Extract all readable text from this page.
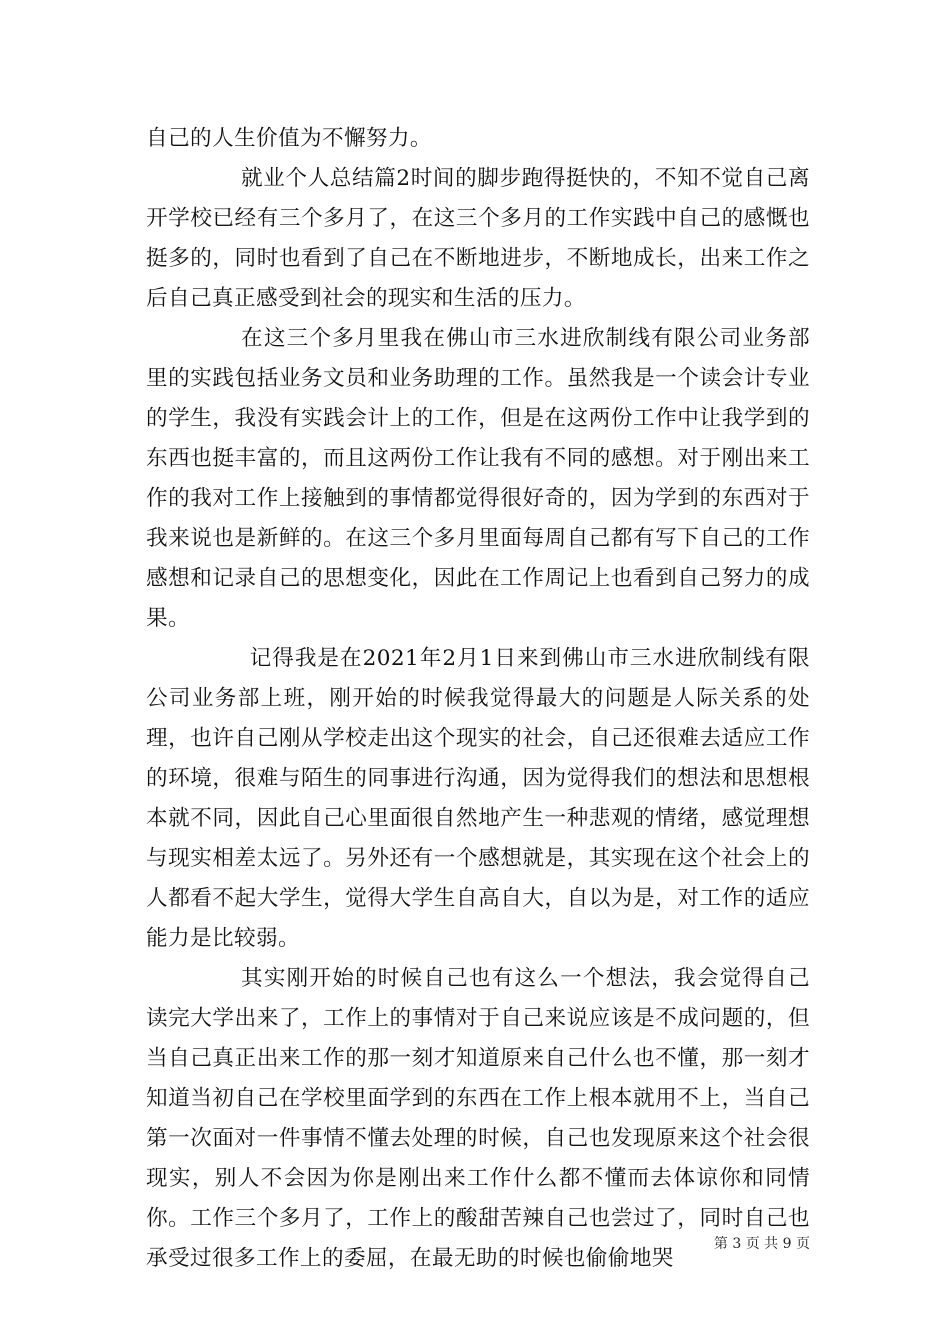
自己的人生价值为不懈努力。

就业个人总结篇2时间的脚步跑得挺快的，不知不觉自己离开学校已经有三个多月了，在这三个多月的工作实践中自己的感慨也挺多的，同时也看到了自己在不断地进步，不断地成长，出来工作之后自己真正感受到社会的现实和生活的压力。

在这三个多月里我在佛山市三水进欣制线有限公司业务部里的实践包括业务文员和业务助理的工作。虽然我是一个读会计专业的学生，我没有实践会计上的工作，但是在这两份工作中让我学到的东西也挺丰富的，而且这两份工作让我有不同的感想。对于刚出来工作的我对工作上接触到的事情都觉得很好奇的，因为学到的东西对于我来说也是新鲜的。在这三个多月里面每周自己都有写下自己的工作感想和记录自己的思想变化，因此在工作周记上也看到自己努力的成果。

记得我是在2021年2月1日来到佛山市三水进欣制线有限公司业务部上班，刚开始的时候我觉得最大的问题是人际关系的处理，也许自己刚从学校走出这个现实的社会，自己还很难去适应工作的环境，很难与陌生的同事进行沟通，因为觉得我们的想法和思想根本就不同，因此自己心里面很自然地产生一种悲观的情绪，感觉理想与现实相差太远了。另外还有一个感想就是，其实现在这个社会上的人都看不起大学生，觉得大学生自高自大，自以为是，对工作的适应能力是比较弱。

其实刚开始的时候自己也有这么一个想法，我会觉得自己读完大学出来了，工作上的事情对于自己来说应该是不成问题的，但当自己真正出来工作的那一刻才知道原来自己什么也不懂，那一刻才知道当初自己在学校里面学到的东西在工作上根本就用不上，当自己第一次面对一件事情不懂去处理的时候，自己也发现原来这个社会很现实，别人不会因为你是刚出来工作什么都不懂而去体谅你和同情你。工作三个多月了，工作上的酸甜苦辣自己也尝过了，同时自己也承受过很多工作上的委屈，在最无助的时候也偷偷地哭

第 3 页 共 9 页
